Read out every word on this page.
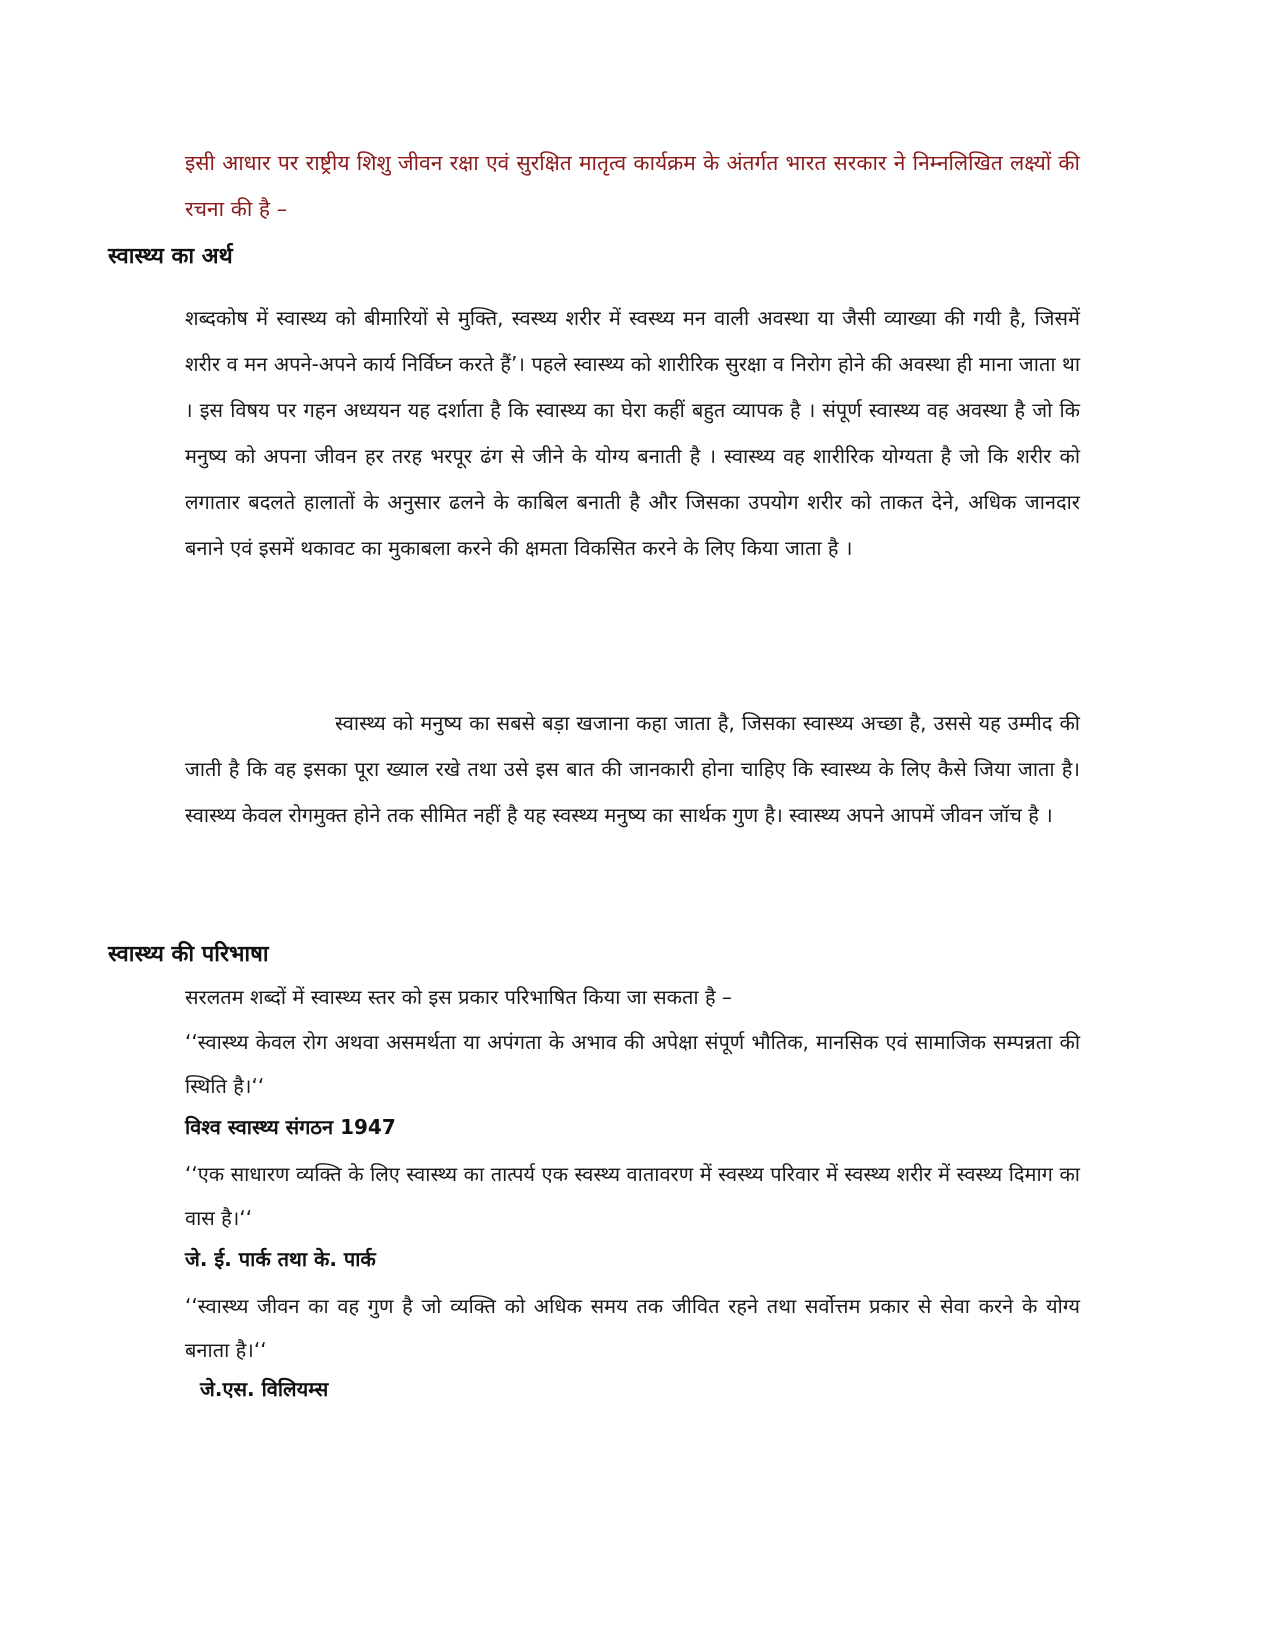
इसी आधार पर राष्ट्रीय शिशु जीवन रक्षा एवं सुरक्षित मातृत्व कार्यक्रम के अंतर्गत भारत सरकार ने निम्नलिखित लक्ष्यों की रचना की है –
स्वास्थ्य का अर्थ
शब्दकोष में स्वास्थ्य को बीमारियों से मुक्ति, स्वस्थ्य शरीर में स्वस्थ्य मन वाली अवस्था या जैसी व्याख्या की गयी है, जिसमें शरीर व मन अपने-अपने कार्य निर्विघ्न करते हैं’। पहले स्वास्थ्य को शारीरिक सुरक्षा व निरोग होने की अवस्था ही माना जाता था । इस विषय पर गहन अध्ययन यह दर्शाता है कि स्वास्थ्य का घेरा कहीं बहुत व्यापक है । संपूर्ण स्वास्थ्य वह अवस्था है जो कि मनुष्य को अपना जीवन हर तरह भरपूर ढंग से जीने के योग्य बनाती है । स्वास्थ्य वह शारीरिक योग्यता है जो कि शरीर को लगातार बदलते हालातों के अनुसार ढलने के काबिल बनाती है और जिसका उपयोग शरीर को ताकत देने, अधिक जानदार बनाने एवं इसमें थकावट का मुकाबला करने की क्षमता विकसित करने के लिए किया जाता है ।
स्वास्थ्य को मनुष्य का सबसे बड़ा खजाना कहा जाता है, जिसका स्वास्थ्य अच्छा है, उससे यह उम्मीद की जाती है कि वह इसका पूरा ख्याल रखे तथा उसे इस बात की जानकारी होना चाहिए कि स्वास्थ्य के लिए कैसे जिया जाता है। स्वास्थ्य केवल रोगमुक्त होने तक सीमित नहीं है यह स्वस्थ्य मनुष्य का सार्थक गुण है। स्वास्थ्य अपने आपमें जीवन जॉच है ।
स्वास्थ्य की परिभाषा
सरलतम शब्दों में स्वास्थ्य स्तर को इस प्रकार परिभाषित किया जा सकता है –
‘‘स्वास्थ्य केवल रोग अथवा असमर्थता या अपंगता के अभाव की अपेक्षा संपूर्ण भौतिक, मानसिक एवं सामाजिक सम्पन्नता की स्थिति है।‘‘
विश्व स्वास्थ्य संगठन 1947
‘‘एक साधारण व्यक्ति के लिए स्वास्थ्य का तात्पर्य एक स्वस्थ्य वातावरण में स्वस्थ्य परिवार में स्वस्थ्य शरीर में स्वस्थ्य दिमाग का वास है।‘‘
जे. ई. पार्क तथा के. पार्क
‘‘स्वास्थ्य जीवन का वह गुण है जो व्यक्ति को अधिक समय तक जीवित रहने तथा सर्वोत्तम प्रकार से सेवा करने के योग्य बनाता है।‘‘
जे.एस. विलियम्स
